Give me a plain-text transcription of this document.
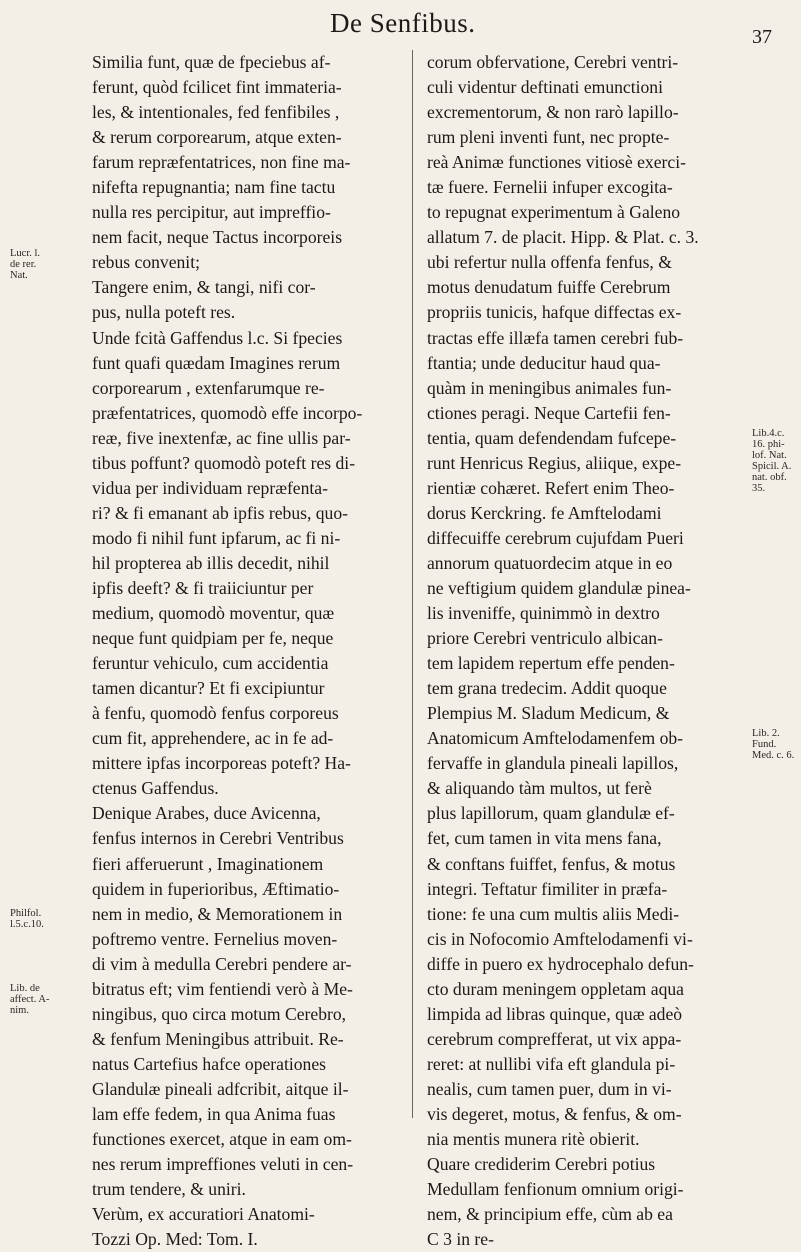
De Senfibus.	37
Similia funt, quæ de fpeciebus af-
ferunt, quòd fcilicet fint immateria-
les, & intentionales, fed fenfibiles ,
& rerum corporearum, atque exten-
farum repræfentatrices, non fine ma-
nifefta repugnantia; nam fine tactu
nulla res percipitur, aut impreffio-
nem facit, neque Tactus incorporeis
rebus convenit;
Tangere enim, & tangi, nifi cor-
pus, nulla poteft res.
Unde fcità Gaffendus l.c. Si fpecies
funt quafi quædam Imagines rerum
corporearum , extenfarumque re-
præfentatrices, quomodò effe incorpo-
reæ, five inextenfæ, ac fine ullis par-
tibus poffunt? quomodò poteft res di-
vidua per individuam repræfenta-
ri? & fi emanant ab ipfis rebus, quo-
modo fi nihil funt ipfarum, ac fi ni-
hil propterea ab illis decedit, nihil
ipfis deeft? & fi traiiciuntur per
medium, quomodò moventur, quæ
neque funt quidpiam per fe, neque
feruntur vehiculo, cum accidentia
tamen dicantur? Et fi excipiuntur
à fenfu, quomodò fenfus corporeus
cum fit, apprehendere, ac in fe ad-
mittere ipfas incorporeas poteft? Ha-
ctenus Gaffendus.
Denique Arabes, duce Avicenna,
fenfus internos in Cerebri Ventribus
fieri afferuerunt , Imaginationem
quidem in fuperioribus, Æftimatio-
nem in medio, & Memorationem in
poftremo ventre. Fernelius moven-
di vim à medulla Cerebri pendere ar-
bitratus eft; vim fentiendi verò à Me-
ningibus, quo circa motum Cerebro,
& fenfum Meningibus attribuit. Re-
natus Cartefius hafce operationes
Glandulæ pineali adfcribit, aitque il-
lam effe fedem, in qua Anima fuas
functiones exercet, atque in eam om-
nes rerum impreffiones veluti in cen-
trum tendere, & uniri.
Verùm, ex accuratiori Anatomi-
Tozzi Op. Med: Tom. I.
corum obfervatione, Cerebri ventri-
culi videntur deftinati emunctioni
excrementorum, & non rarò lapillo-
rum pleni inventi funt, nec propte-
reà Animæ functiones vitiosè exerci-
tæ fuere. Fernelii infuper excogita-
to repugnat experimentum à Galeno
allatum 7. de placit. Hipp. & Plat. c. 3.
ubi refertur nulla offenfa fenfus, &
motus denudatum fuiffe Cerebrum
propriis tunicis, hafque diffectas ex-
tractas effe illæfa tamen cerebri fub-
ftantia; unde deducitur haud qua-
quàm in meningibus animales fun-
ctiones peragi. Neque Cartefii fen-
tentia, quam defendendam fufcepe-
runt Henricus Regius, aliique, expe-
rientiæ cohæret. Refert enim Theo-
dorus Kerckring. fe Amftelodami
diffecuiffe cerebrum cujufdam Pueri
annorum quatuordecim atque in eo
ne veftigium quidem glandulæ pinea-
lis inveniffe, quinimmò in dextro
priore Cerebri ventriculo albican-
tem lapidem repertum effe penden-
tem grana tredecim. Addit quoque
Plempius M. Sladum Medicum, &
Anatomicum Amftelodamenfem ob-
fervaffe in glandula pineali lapillos,
& aliquando tàm multos, ut ferè
plus lapillorum, quam glandulæ ef-
fet, cum tamen in vita mens fana,
& conftans fuiffet, fenfus, & motus
integri. Teftatur fimiliter in præfa-
tione: fe una cum multis aliis Medi-
cis in Nofocomio Amftelodamenfi vi-
diffe in puero ex hydrocephalo defun-
cto duram meningem oppletam aqua
limpida ad libras quinque, quæ adeò
cerebrum comprefferat, ut vix appa-
reret: at nullibi vifa eft glandula pi-
nealis, cum tamen puer, dum in vi-
vis degeret, motus, & fenfus, & om-
nia mentis munera ritè obierit.
Quare crediderim Cerebri potius
Medullam fenfionum omnium origi-
nem, & principium effe, cùm ab ea
C 3 in re-
Lucr. l.
de rer.
Nat.
Philfol.
l.5.c.10.
Lib. de
affect. A-
nim.
Lib.4.c.
16. phi-
lof. Nat.
Spicil. A.
nat. obf.
35.
Lib. 2.
Fund.
Med. c. 6.
